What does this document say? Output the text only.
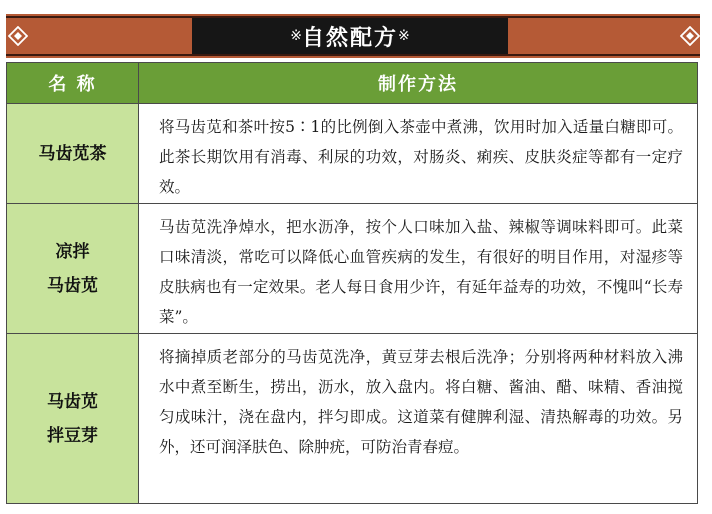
※ 自然配方 ※
名 称	制作方法
马齿苋茶
将马齿苋和茶叶按5∶1的比例倒入茶壶中煮沸，饮用时加入适量白糖即可。此茶长期饮用有消毒、利尿的功效，对肠炎、痢疾、皮肤炎症等都有一定疗效。
凉拌
马齿苋
马齿苋洗净焯水，把水沥净，按个人口味加入盐、辣椒等调味料即可。此菜口味清淡，常吃可以降低心血管疾病的发生，有很好的明目作用，对湿疹等皮肤病也有一定效果。老人每日食用少许，有延年益寿的功效，不愧叫“长寿菜”。
马齿苋
拌豆芽
将摘掉质老部分的马齿苋洗净，黄豆芽去根后洗净；分别将两种材料放入沸水中煮至断生，捞出，沥水，放入盘内。将白糖、酱油、醋、味精、香油搅匀成味汁，浇在盘内，拌匀即成。这道菜有健脾利湿、清热解毒的功效。另外，还可润泽肤色、除肿疣，可防治青春痘。
